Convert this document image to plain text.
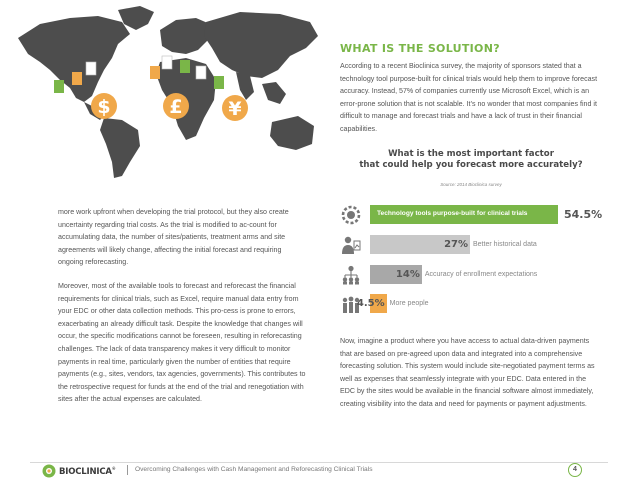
$	£ ¥

more work upfront when developing the trial protocol, but they also create uncertainty regarding trial costs. As the trial is modified to ac-count for accumulating data, the number of sites/patients, treatment arms and site agreements will likely change, affecting the initial forecast and requiring ongoing reforecasting.

Moreover, most of the available tools to forecast and reforecast the financial requirements for clinical trials, such as Excel, require manual data entry from your EDC or other data collection methods. This pro-cess is prone to errors, exacerbating an already difficult task. Despite the knowledge that changes will occur, the specific modifications cannot be foreseen, resulting in reforecasting challenges. The lack of data transparency makes it very difficult to monitor payments in real time, particularly given the number of entities that require payments (e.g., sites, vendors, tax agencies, governments). This contributes to the retrospective request for funds at the end of the trial and renegotiation with sites after the actual expenses are calculated.

WHAT IS THE SOLUTION?

According to a recent Bioclinica survey, the majority of sponsors stated that a technology tool purpose-built for clinical trials would help them to improve forecast accuracy. Instead, 57% of companies currently use Microsoft Excel, which is an error-prone solution that is not scalable. It’s no wonder that most companies find it difficult to manage and forecast trials and have a lack of trust in their financial capabilities.

What is the most important factor
that could help you forecast more accurately?
Source: 2014 Bioclinica survey
Technology tools purpose-built for clinical trials	54.5%
27% Better historical data
14% Accuracy of enrollment expectations
4.5% More people

Now, imagine a product where you have access to actual data-driven payments that are based on pre-agreed upon data and integrated into a comprehensive forecasting solution. This system would include site-negotiated payment terms as well as expenses that seamlessly integrate with your EDC. Data entered in the EDC by the sites would be available in the financial software almost immediately, creating visibility into the data and need for payments or payment adjustments.

BIOCLINICA®	Overcoming Challenges with Cash Management and Reforecasting Clinical Trials	4
